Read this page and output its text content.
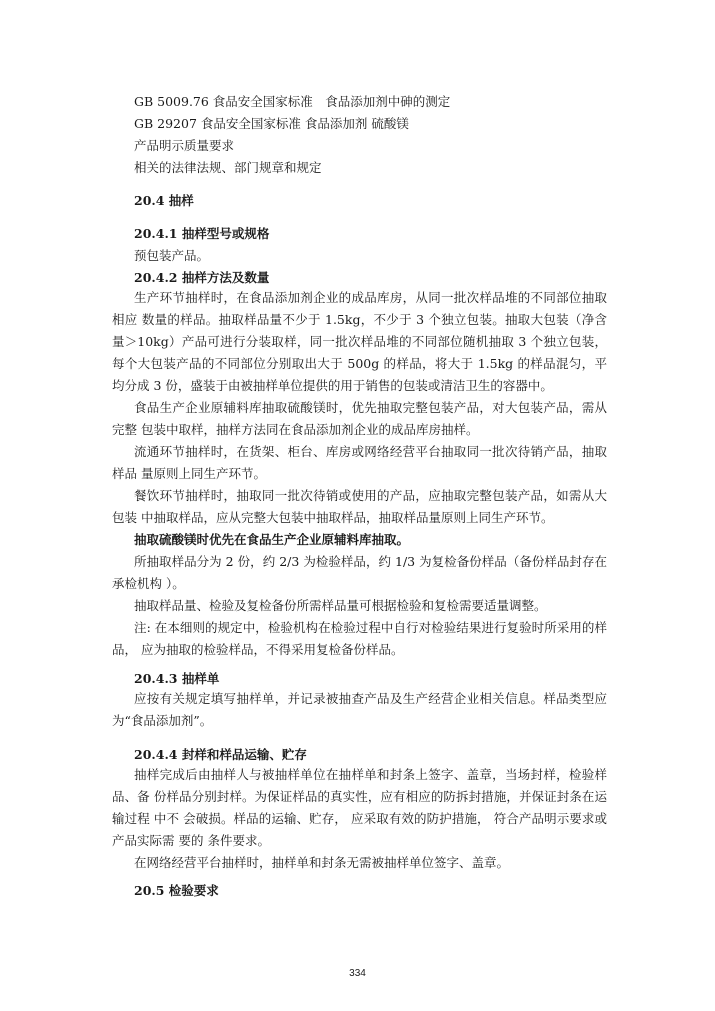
GB 5009.76 食品安全国家标准　食品添加剂中砷的测定
GB 29207 食品安全国家标准 食品添加剂 硫酸镁
产品明示质量要求
相关的法律法规、部门规章和规定
20.4 抽样
20.4.1 抽样型号或规格
预包装产品。
20.4.2 抽样方法及数量
生产环节抽样时，在食品添加剂企业的成品库房，从同一批次样品堆的不同部位抽取相应 数量的样品。抽取样品量不少于 1.5kg，不少于 3 个独立包装。抽取大包装（净含量＞10kg）产品可进行分装取样，同一批次样品堆的不同部位随机抽取 3 个独立包装，每个大包装产品的不同部位分别取出大于 500g 的样品，将大于 1.5kg 的样品混匀，平均分成 3 份，盛装于由被抽样单位提供的用于销售的包装或清洁卫生的容器中。
食品生产企业原辅料库抽取硫酸镁时，优先抽取完整包装产品，对大包装产品，需从完整 包装中取样，抽样方法同在食品添加剂企业的成品库房抽样。
流通环节抽样时，在货架、柜台、库房或网络经营平台抽取同一批次待销产品，抽取样品 量原则上同生产环节。
餐饮环节抽样时，抽取同一批次待销或使用的产品，应抽取完整包装产品，如需从大包装 中抽取样品，应从完整大包装中抽取样品，抽取样品量原则上同生产环节。
抽取硫酸镁时优先在食品生产企业原辅料库抽取。
所抽取样品分为 2 份，约 2/3 为检验样品，约 1/3 为复检备份样品（备份样品封存在承检机构 ）。
抽取样品量、检验及复检备份所需样品量可根据检验和复检需要适量调整。
注: 在本细则的规定中，检验机构在检验过程中自行对检验结果进行复验时所采用的样品， 应为抽取的检验样品，不得采用复检备份样品。
20.4.3 抽样单
应按有关规定填写抽样单，并记录被抽查产品及生产经营企业相关信息。样品类型应为“食品添加剂”。
20.4.4 封样和样品运输、贮存
抽样完成后由抽样人与被抽样单位在抽样单和封条上签字、盖章，当场封样，检验样品、备 份样品分别封样。为保证样品的真实性，应有相应的防拆封措施，并保证封条在运输过程 中不 会破损。样品的运输、贮存， 应采取有效的防护措施， 符合产品明示要求或产品实际需 要的 条件要求。
在网络经营平台抽样时，抽样单和封条无需被抽样单位签字、盖章。
20.5 检验要求
334
